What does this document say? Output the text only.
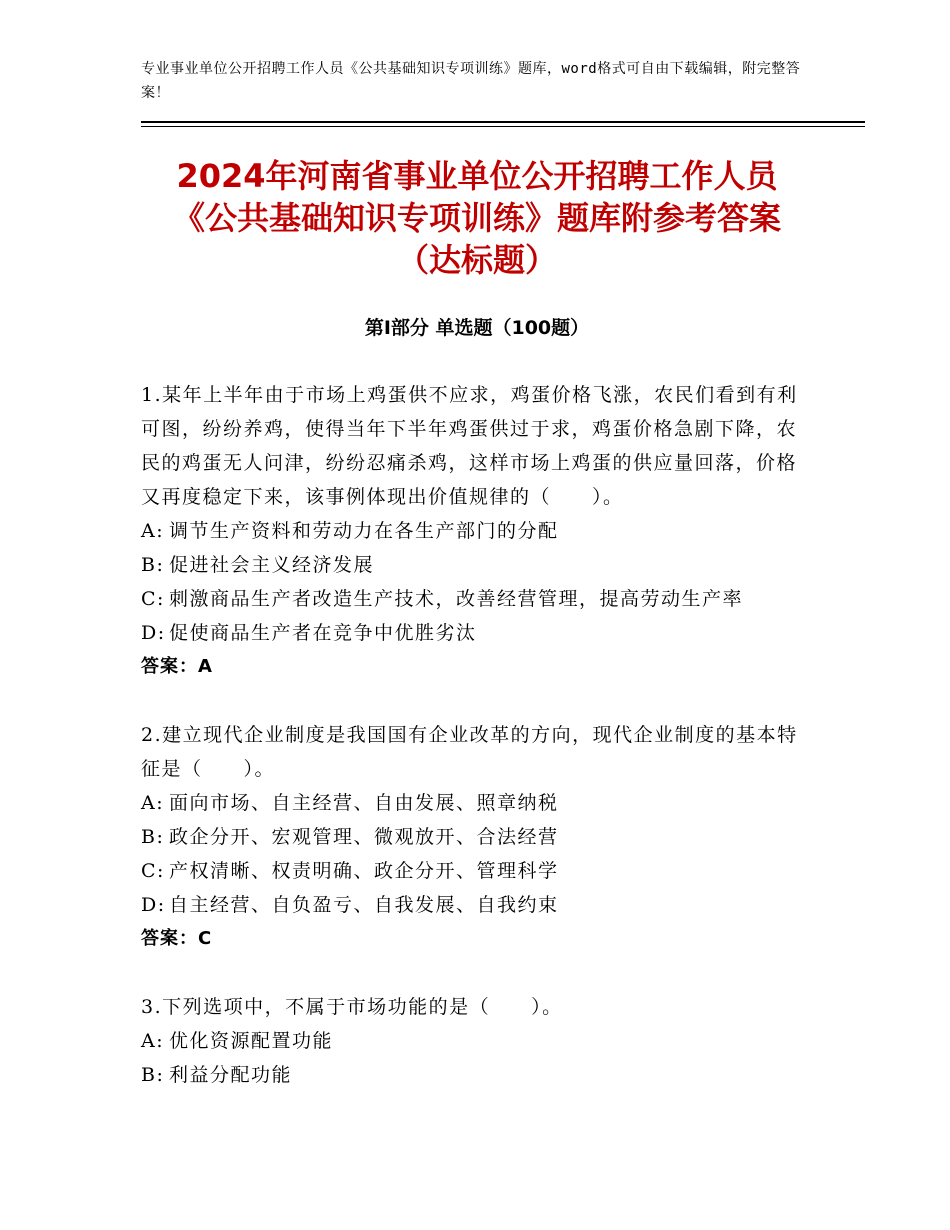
专业事业单位公开招聘工作人员《公共基础知识专项训练》题库，word格式可自由下载编辑，附完整答案！
2024年河南省事业单位公开招聘工作人员
《公共基础知识专项训练》题库附参考答案
（达标题）
第Ⅰ部分 单选题（100题）
1.某年上半年由于市场上鸡蛋供不应求，鸡蛋价格飞涨，农民们看到有利可图，纷纷养鸡，使得当年下半年鸡蛋供过于求，鸡蛋价格急剧下降，农民的鸡蛋无人问津，纷纷忍痛杀鸡，这样市场上鸡蛋的供应量回落，价格又再度稳定下来，该事例体现出价值规律的（　　）。
A: 调节生产资料和劳动力在各生产部门的分配
B: 促进社会主义经济发展
C: 刺激商品生产者改造生产技术，改善经营管理，提高劳动生产率
D: 促使商品生产者在竞争中优胜劣汰
答案：A
2.建立现代企业制度是我国国有企业改革的方向，现代企业制度的基本特征是（　　）。
A: 面向市场、自主经营、自由发展、照章纳税
B: 政企分开、宏观管理、微观放开、合法经营
C: 产权清晰、权责明确、政企分开、管理科学
D: 自主经营、自负盈亏、自我发展、自我约束
答案：C
3.下列选项中，不属于市场功能的是（　　）。
A: 优化资源配置功能
B: 利益分配功能
